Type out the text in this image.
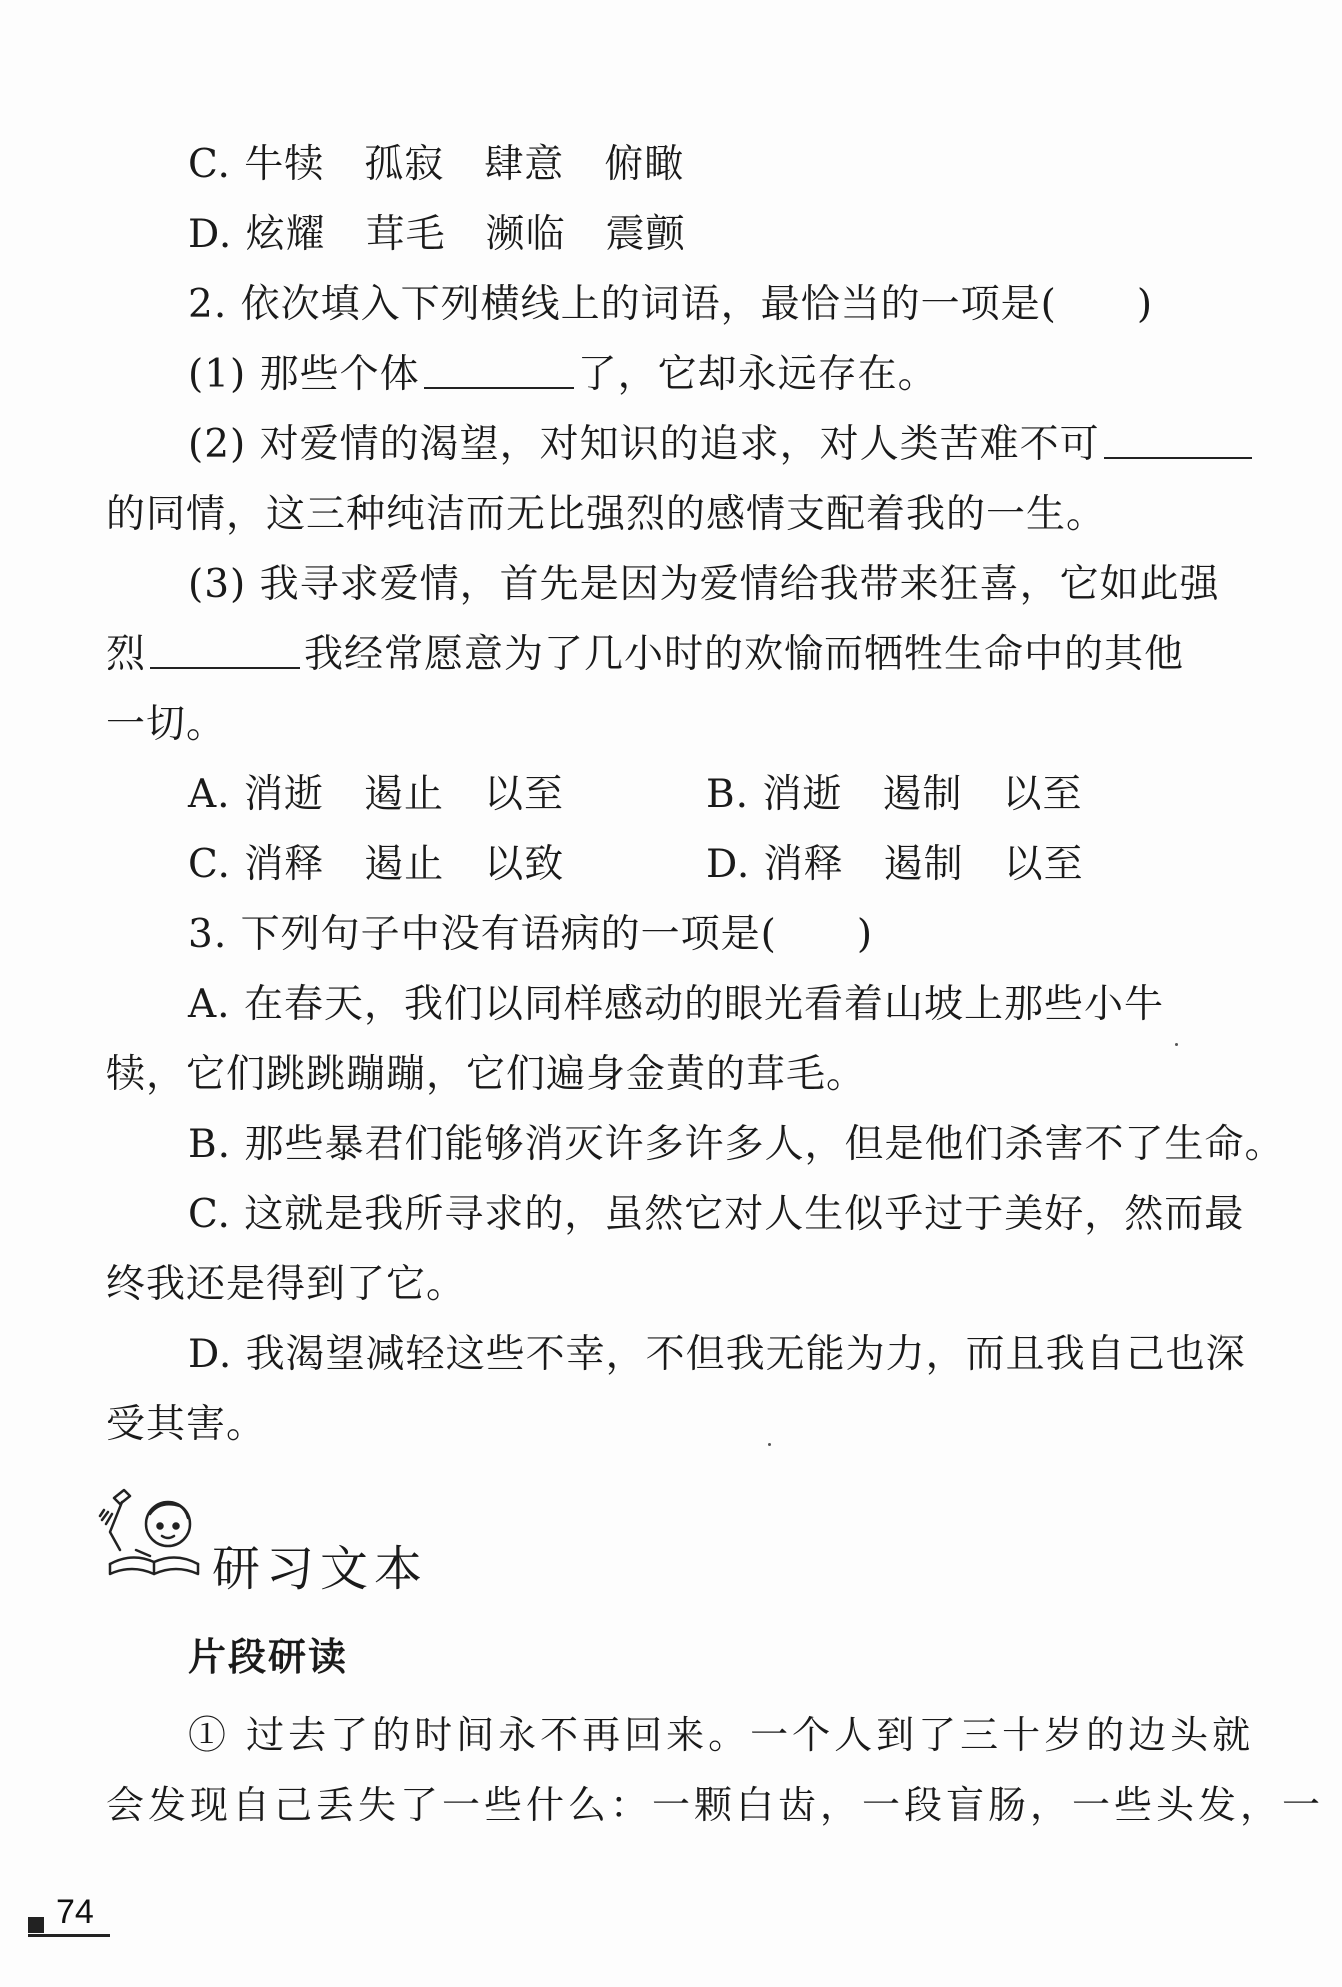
C. 牛犊　孤寂　肆意　俯瞰
D. 炫耀　茸毛　濒临　震颤
2. 依次填入下列横线上的词语，最恰当的一项是(　　)
(1) 那些个体	了，它却永远存在。
(2) 对爱情的渴望，对知识的追求，对人类苦难不可
的同情，这三种纯洁而无比强烈的感情支配着我的一生。
(3) 我寻求爱情，首先是因为爱情给我带来狂喜，它如此强
烈	我经常愿意为了几小时的欢愉而牺牲生命中的其他
一切。
A. 消逝　遏止　以至	B. 消逝　遏制　以至
C. 消释　遏止　以致	D. 消释　遏制　以至
3. 下列句子中没有语病的一项是(　　)
A. 在春天，我们以同样感动的眼光看着山坡上那些小牛
犊，它们跳跳蹦蹦，它们遍身金黄的茸毛。
B. 那些暴君们能够消灭许多许多人，但是他们杀害不了生命。
C. 这就是我所寻求的，虽然它对人生似乎过于美好，然而最
终我还是得到了它。
D. 我渴望减轻这些不幸，不但我无能为力，而且我自己也深
受其害。
研习文本
片段研读
① 过去了的时间永不再回来。一个人到了三十岁的边头就
会发现自己丢失了一些什么：一颗白齿，一段盲肠，一些头发，一
74
